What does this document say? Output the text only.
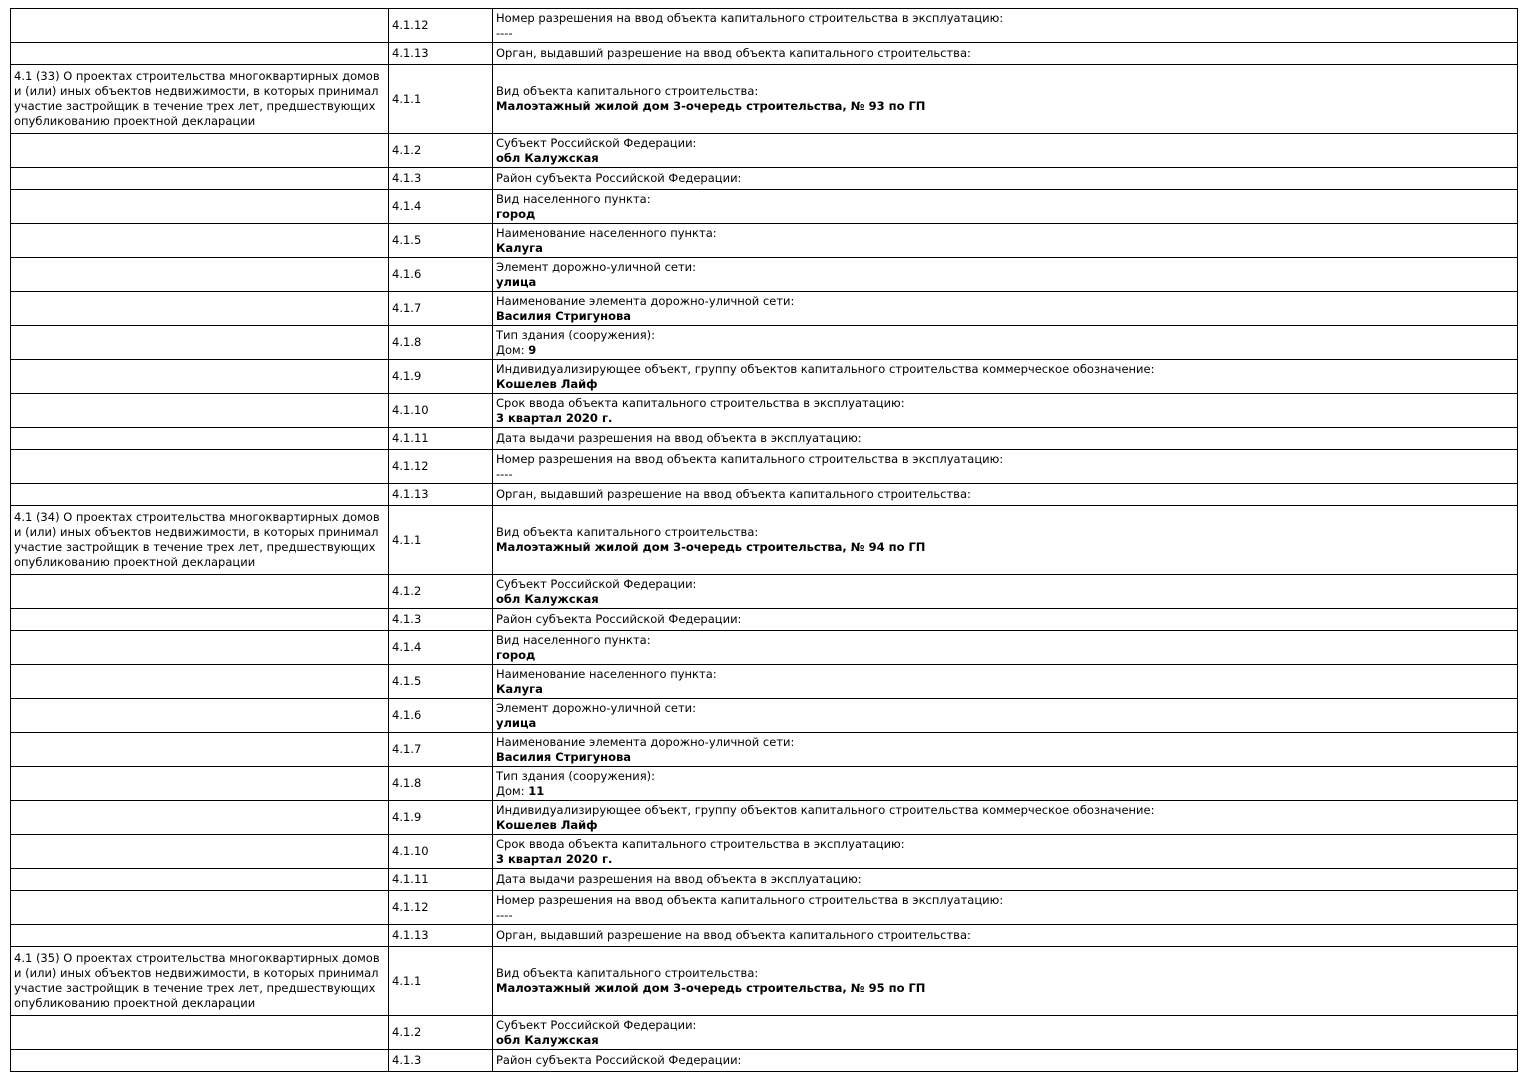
	4.1.12	Номер разрешения на ввод объекта капитального строительства в эксплуатацию:
----

	4.1.13	Орган, выдавший разрешение на ввод объекта капитального строительства:

4.1 (33) О проектах строительства многоквартирных домов и (или) иных объектов недвижимости, в которых принимал участие застройщик в течение трех лет, предшествующих опубликованию проектной декларации	4.1.1	Вид объекта капитального строительства:
Малоэтажный жилой дом 3-очередь строительства, № 93 по ГП

	4.1.2	Субъект Российской Федерации:
обл Калужская

	4.1.3	Район субъекта Российской Федерации:

	4.1.4	Вид населенного пункта:
город

	4.1.5	Наименование населенного пункта:
Калуга

	4.1.6	Элемент дорожно-уличной сети:
улица

	4.1.7	Наименование элемента дорожно-уличной сети:
Василия Стригунова

	4.1.8	Тип здания (сооружения):
Дом: 9

	4.1.9	Индивидуализирующее объект, группу объектов капитального строительства коммерческое обозначение:
Кошелев Лайф

	4.1.10	Срок ввода объекта капитального строительства в эксплуатацию:
3 квартал 2020 г.

	4.1.11	Дата выдачи разрешения на ввод объекта в эксплуатацию:

	4.1.12	Номер разрешения на ввод объекта капитального строительства в эксплуатацию:
----

	4.1.13	Орган, выдавший разрешение на ввод объекта капитального строительства:

4.1 (34) О проектах строительства многоквартирных домов и (или) иных объектов недвижимости, в которых принимал участие застройщик в течение трех лет, предшествующих опубликованию проектной декларации	4.1.1	Вид объекта капитального строительства:
Малоэтажный жилой дом 3-очередь строительства, № 94 по ГП

	4.1.2	Субъект Российской Федерации:
обл Калужская

	4.1.3	Район субъекта Российской Федерации:

	4.1.4	Вид населенного пункта:
город

	4.1.5	Наименование населенного пункта:
Калуга

	4.1.6	Элемент дорожно-уличной сети:
улица

	4.1.7	Наименование элемента дорожно-уличной сети:
Василия Стригунова

	4.1.8	Тип здания (сооружения):
Дом: 11

	4.1.9	Индивидуализирующее объект, группу объектов капитального строительства коммерческое обозначение:
Кошелев Лайф

	4.1.10	Срок ввода объекта капитального строительства в эксплуатацию:
3 квартал 2020 г.

	4.1.11	Дата выдачи разрешения на ввод объекта в эксплуатацию:

	4.1.12	Номер разрешения на ввод объекта капитального строительства в эксплуатацию:
----

	4.1.13	Орган, выдавший разрешение на ввод объекта капитального строительства:

4.1 (35) О проектах строительства многоквартирных домов и (или) иных объектов недвижимости, в которых принимал участие застройщик в течение трех лет, предшествующих опубликованию проектной декларации	4.1.1	Вид объекта капитального строительства:
Малоэтажный жилой дом 3-очередь строительства, № 95 по ГП

	4.1.2	Субъект Российской Федерации:
обл Калужская

	4.1.3	Район субъекта Российской Федерации:
